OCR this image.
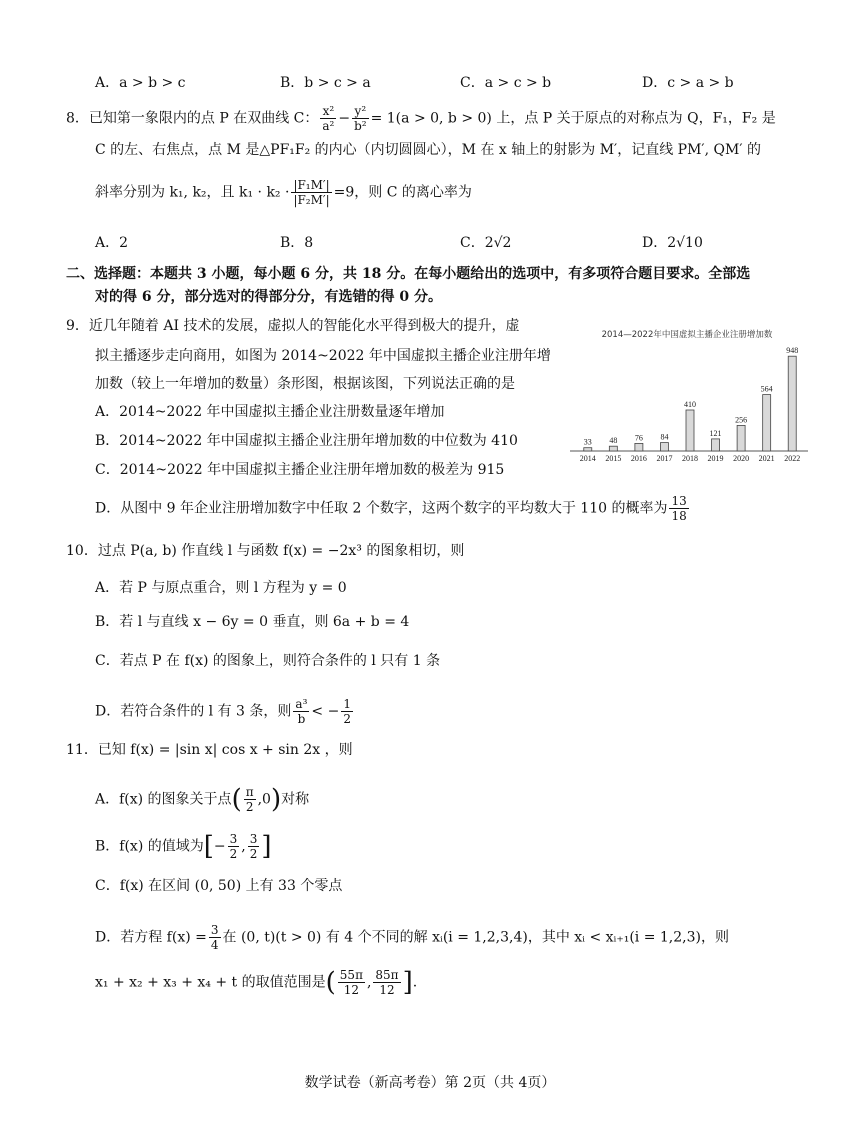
A．a > b > c	B．b > c > a	C．a > c > b	D．c > a > b
8．已知第一象限内的点 P 在双曲线 C： $\frac{\text{x²}}{\text{a²}} - \frac{\text{y²}}{\text{b²}} = 1(a > 0$, b > 0) 上，点 P 关于原点的对称点为 Q，F₁，F₂ 是
C 的左、右焦点，点 M 是△PF₁F₂ 的内心（内切圆圆心），M 在 x 轴上的射影为 M′，记直线 PM′, QM′ 的
斜率分别为 k₁, k₂，且 $k_1 \cdot k_2 \cdot \frac{\text{|F₁M′|}}{\text{|F₂M′|}} =9$，则 C 的离心率为
A．2	B．8	C．2√2	D．2√10
二、选择题：本题共 3 小题，每小题 6 分，共 18 分。在每小题给出的选项中，有多项符合题目要求。全部选
对的得 6 分，部分选对的得部分分，有选错的得 0 分。
9．近几年随着 AI 技术的发展，虚拟人的智能化水平得到极大的提升，虚
拟主播逐步走向商用，如图为 2014~2022 年中国虚拟主播企业注册年增
加数（较上一年增加的数量）条形图，根据该图，下列说法正确的是
A．2014~2022 年中国虚拟主播企业注册数量逐年增加
B．2014~2022 年中国虚拟主播企业注册年增加数的中位数为 410
C．2014~2022 年中国虚拟主播企业注册年增加数的极差为 915
D．从图中 9 年企业注册增加数字中任取 2 个数字，这两个数字的平均数大于 110 的概率为 $\frac{13}{18}$
2014—2022年中国虚拟主播企业注册增加数
33
2014
48
2015
76
2016
84
2017
410
2018
121
2019
256
2020
564
2021
948
2022
10．过点 P(a, b) 作直线 l 与函数 f(x) = −2x³ 的图象相切，则
A．若 P 与原点重合，则 l 方程为 y = 0
B．若 l 与直线 x − 6y = 0 垂直，则 6a + b = 4
C．若点 P 在 f(x) 的图象上，则符合条件的 l 只有 1 条
D．若符合条件的 l 有 3 条，则 $\frac{\text{a³}}{b}$ < − $\frac{1}{2}$
11．已知 f(x) = |sin x| cos x + sin 2x ，则
A．f(x) 的图象关于点( $\frac{\pi}{2} ,0$)对称
B．f(x) 的值域为[− $\frac{3}{2}$ , $\frac{3}{2}$ ]
C．f(x) 在区间 (0, 50) 上有 33 个零点
D．若方程 $f(x) = \frac{3}{4}$ 在 (0, t)(t > 0) 有 4 个不同的解 xᵢ(i = 1,2,3,4)，其中 xᵢ < xᵢ₊₁(i = 1,2,3)，则
x₁ + x₂ + x₃ + x₄ + t 的取值范围是( $\frac{55\pi}{12}$ , $\frac{85\pi}{12}$ ].
数学试卷（新高考卷）第 2页（共 4页）
